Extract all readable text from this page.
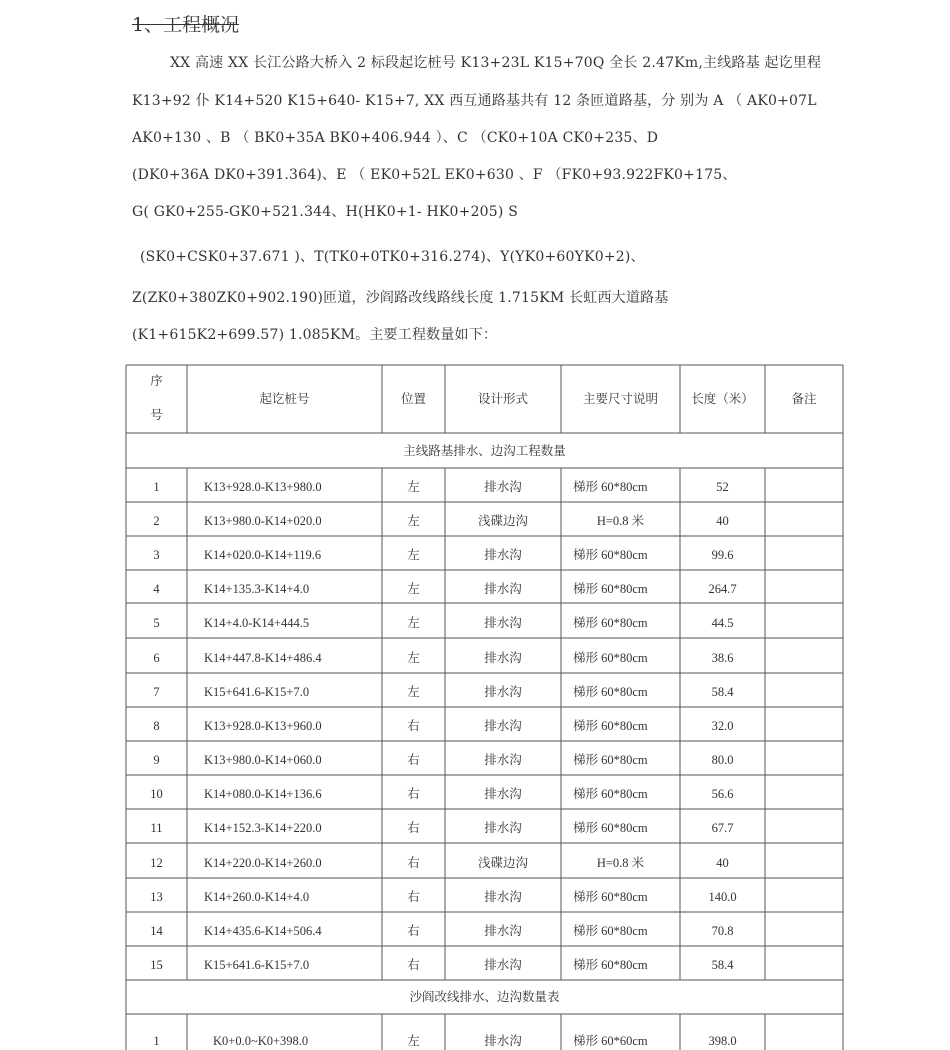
1、工程概况
XX 高速 XX 长江公路大桥入 2 标段起讫桩号 K13+23L K15+70Q 全长 2.47Km,主线路基 起讫里程
K13+92 仆 K14+520 K15+640- K15+7, XX 西互通路基共有 12 条匝道路基，分 别为 A （ AK0+07L
AK0+130 、B （ BK0+35A BK0+406.944 ）、C （CK0+10A CK0+235、D
(DK0+36A DK0+391.364)、E （ EK0+52L EK0+630 、F （FK0+93.922FK0+175、
G( GK0+255-GK0+521.344、H(HK0+1- HK0+205) S
(SK0+CSK0+37.671 )、T(TK0+0TK0+316.274)、Y(YK0+60YK0+2)、
Z(ZK0+380ZK0+902.190)匝道，沙阎路改线路线长度 1.715KM 长虹西大道路基
(K1+615K2+699.57) 1.085KM。主要工程数量如下：
序
号
起讫桩号	位置	设计形式	主要尺寸说明	长度（米）	备注
主线路基排水、边沟工程数量
1	K13+928.0-K13+980.0	左	排水沟	梯形 60*80cm	52
2	K13+980.0-K14+020.0	左	浅碟边沟	H=0.8 米	40
3	K14+020.0-K14+119.6	左	排水沟	梯形 60*80cm	99.6
4	K14+135.3-K14+4.0	左	排水沟	梯形 60*80cm	264.7
5	K14+4.0-K14+444.5	左	排水沟	梯形 60*80cm	44.5
6	K14+447.8-K14+486.4	左	排水沟	梯形 60*80cm	38.6
7	K15+641.6-K15+7.0	左	排水沟	梯形 60*80cm	58.4
8	K13+928.0-K13+960.0	右	排水沟	梯形 60*80cm	32.0
9	K13+980.0-K14+060.0	右	排水沟	梯形 60*80cm	80.0
10	K14+080.0-K14+136.6	右	排水沟	梯形 60*80cm	56.6
11	K14+152.3-K14+220.0	右	排水沟	梯形 60*80cm	67.7
12	K14+220.0-K14+260.0	右	浅碟边沟	H=0.8 米	40
13	K14+260.0-K14+4.0	右	排水沟	梯形 60*80cm	140.0
14	K14+435.6-K14+506.4	右	排水沟	梯形 60*80cm	70.8
15	K15+641.6-K15+7.0	右	排水沟	梯形 60*80cm	58.4
沙阎改线排水、边沟数量表
1	K0+0.0~K0+398.0	左	排水沟	梯形 60*60cm	398.0
